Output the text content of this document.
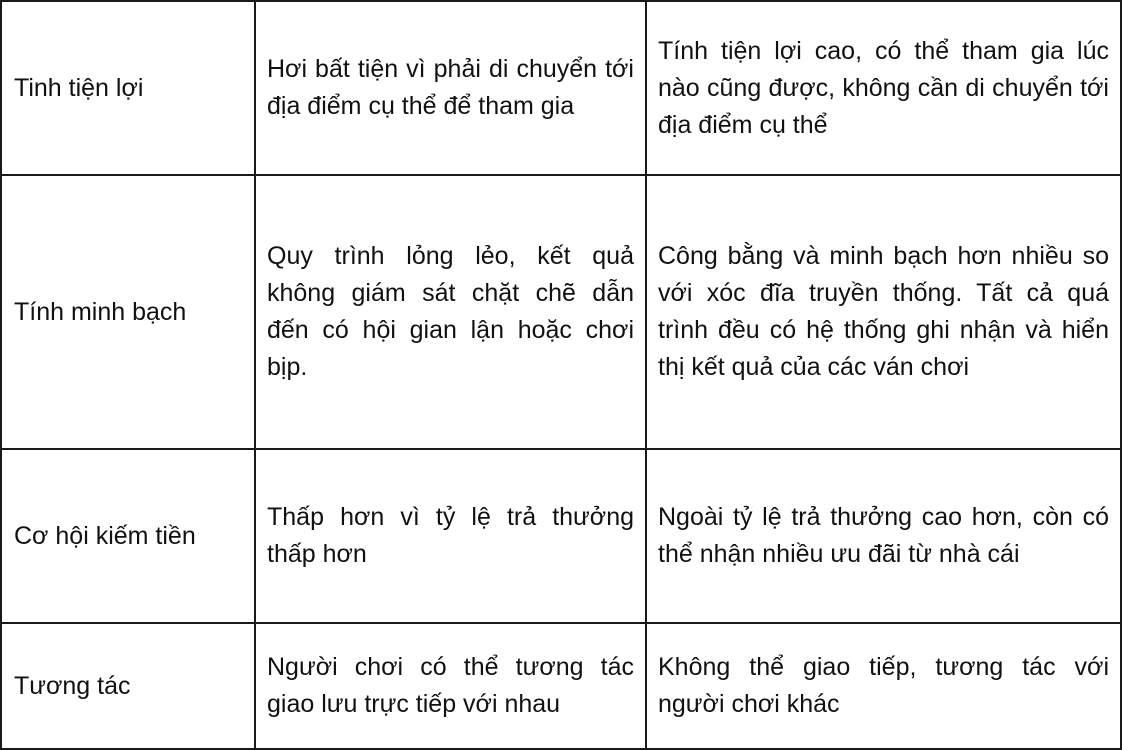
Tinh tiện lợi	Hơi bất tiện vì phải di chuyển tới địa điểm cụ thể để tham gia	Tính tiện lợi cao, có thể tham gia lúc nào cũng được, không cần di chuyển tới địa điểm cụ thể
Tính minh bạch	Quy trình lỏng lẻo, kết quả không giám sát chặt chẽ dẫn đến có hội gian lận hoặc chơi bịp.	Công bằng và minh bạch hơn nhiều so với xóc đĩa truyền thống. Tất cả quá trình đều có hệ thống ghi nhận và hiển thị kết quả của các ván chơi
Cơ hội kiếm tiền	Thấp hơn vì tỷ lệ trả thưởng thấp hơn	Ngoài tỷ lệ trả thưởng cao hơn, còn có thể nhận nhiều ưu đãi từ nhà cái
Tương tác	Người chơi có thể tương tác giao lưu trực tiếp với nhau	Không thể giao tiếp, tương tác với người chơi khác
